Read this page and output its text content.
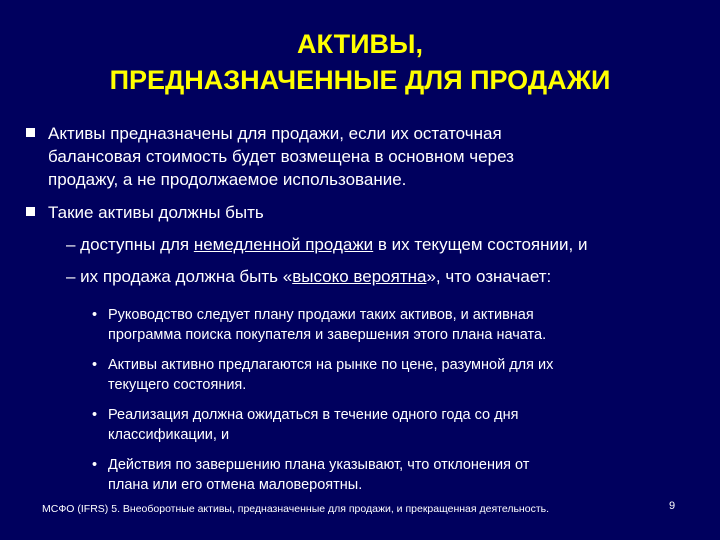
АКТИВЫ,
ПРЕДНАЗНАЧЕННЫЕ ДЛЯ ПРОДАЖИ
Активы предназначены для продажи, если их остаточная
балансовая стоимость будет возмещена в основном через
продажу, а не продолжаемое использование.
Такие активы должны быть
– доступны для немедленной продажи в их текущем состоянии, и
– их продажа должна быть «высоко вероятна», что означает:
• Руководство следует плану продажи таких активов, и активная
программа поиска покупателя и завершения этого плана начата.
• Активы активно предлагаются на рынке по цене, разумной для их
текущего состояния.
• Реализация должна ожидаться в течение одного года со дня
классификации, и
• Действия по завершению плана указывают, что отклонения от
плана или его отмена маловероятны.
МСФО (IFRS) 5. Внеоборотные активы, предназначенные для продажи, и прекращенная деятельность.	9
